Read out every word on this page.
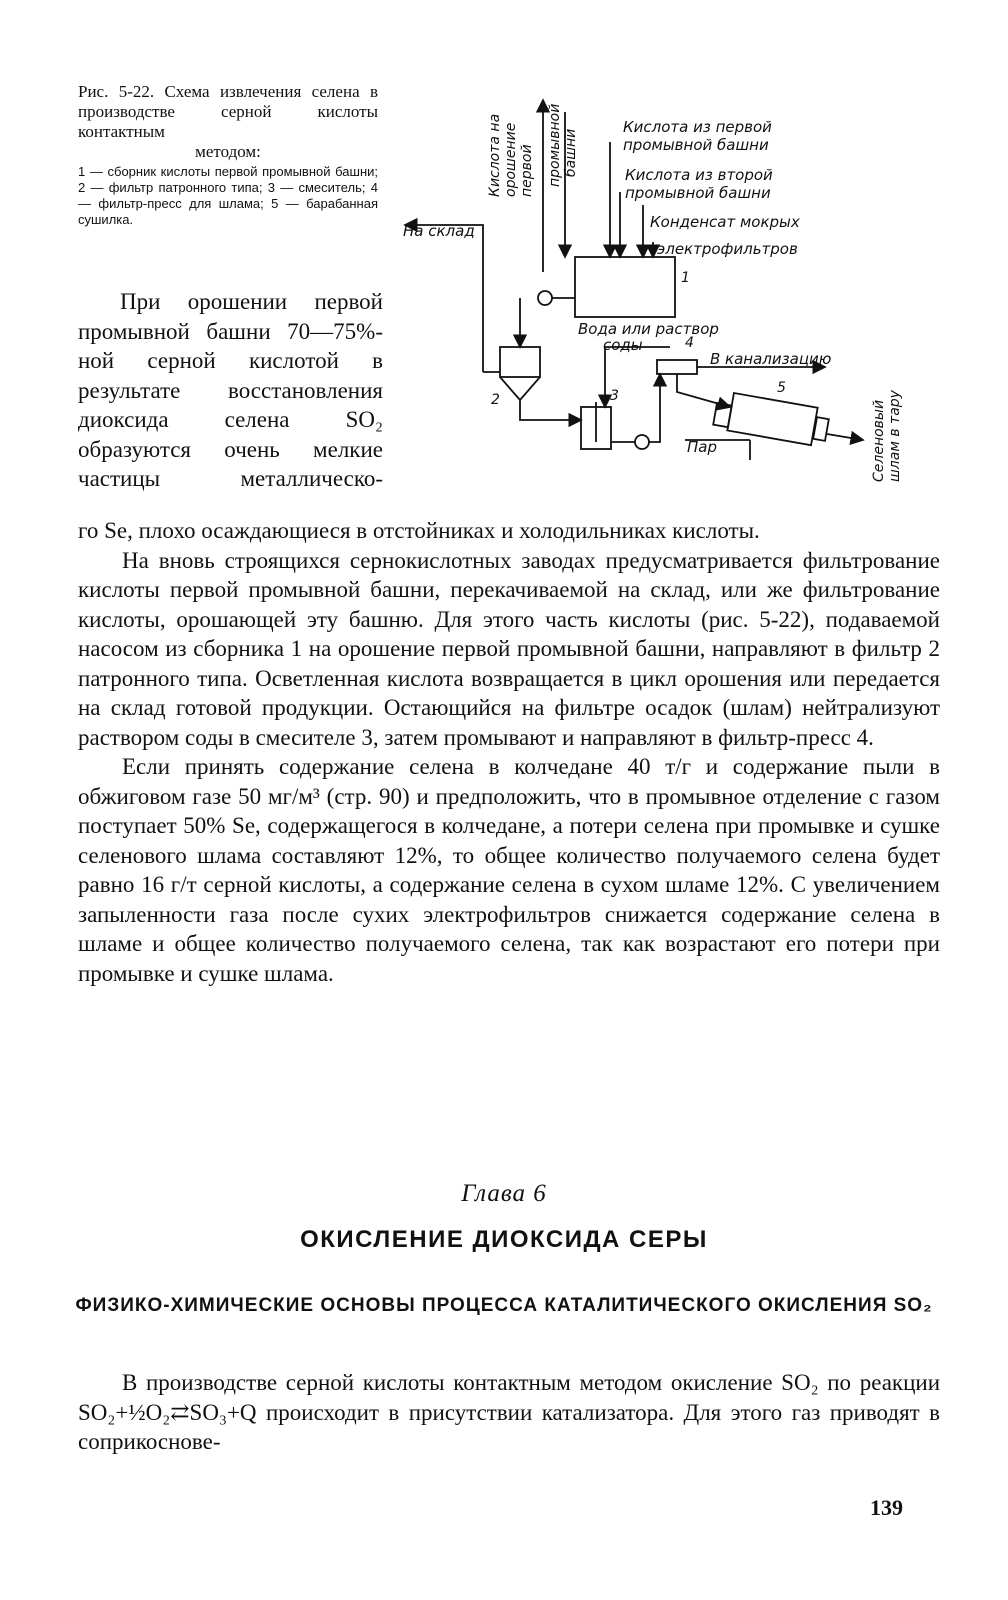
Рис. 5-22. Схема извлечения селена в производстве серной кислоты контактным
методом:
1 — сборник кислоты первой промывной башни; 2 — фильтр патронного типа; 3 — смеситель; 4 — фильтр-пресс для шлама; 5 — барабанная сушилка.
На склад
Кислота из первой
промывной башни
Кислота из второй
промывной башни
Конденсат мокрых
электрофильтров
Вода или раствор
соды
В канализацию
Пар
1
2	3
4
5
Кислота на орошение первой промывной башни
Селеновый шлам в тару
При орошении первой промывной башни 70—75%-ной серной кислотой в результате восстановления диоксида селена SO₂ образуются очень мелкие частицы металлическо-

го Se, плохо осаждающиеся в отстойниках и холодильниках кислоты.

На вновь строящихся сернокислотных заводах предусматривается фильтрование кислоты первой промывной башни, перекачиваемой на склад, или же фильтрование кислоты, орошающей эту башню. Для этого часть кислоты (рис. 5-22), подаваемой насосом из сборника 1 на орошение первой промывной башни, направляют в фильтр 2 патронного типа. Осветленная кислота возвращается в цикл орошения или передается на склад готовой продукции. Остающийся на фильтре осадок (шлам) нейтрализуют раствором соды в смесителе 3, затем промывают и направляют в фильтр-пресс 4.

Если принять содержание селена в колчедане 40 т/г и содержание пыли в обжиговом газе 50 мг/м³ (стр. 90) и предположить, что в промывное отделение с газом поступает 50% Se, содержащегося в колчедане, а потери селена при промывке и сушке селенового шлама составляют 12%, то общее количество получаемого селена будет равно 16 г/т серной кислоты, а содержание селена в сухом шламе 12%. С увеличением запыленности газа после сухих электрофильтров снижается содержание селена в шламе и общее количество получаемого селена, так как возрастают его потери при промывке и сушке шлама.

Глава 6
ОКИСЛЕНИЕ ДИОКСИДА СЕРЫ
ФИЗИКО-ХИМИЧЕСКИЕ ОСНОВЫ ПРОЦЕССА КАТАЛИТИЧЕСКОГО ОКИСЛЕНИЯ SO₂

В производстве серной кислоты контактным методом окисление SO₂ по реакции SO₂+½O₂⇄SO₃+Q происходит в присутствии катализатора. Для этого газ приводят в соприкоснове-

139
